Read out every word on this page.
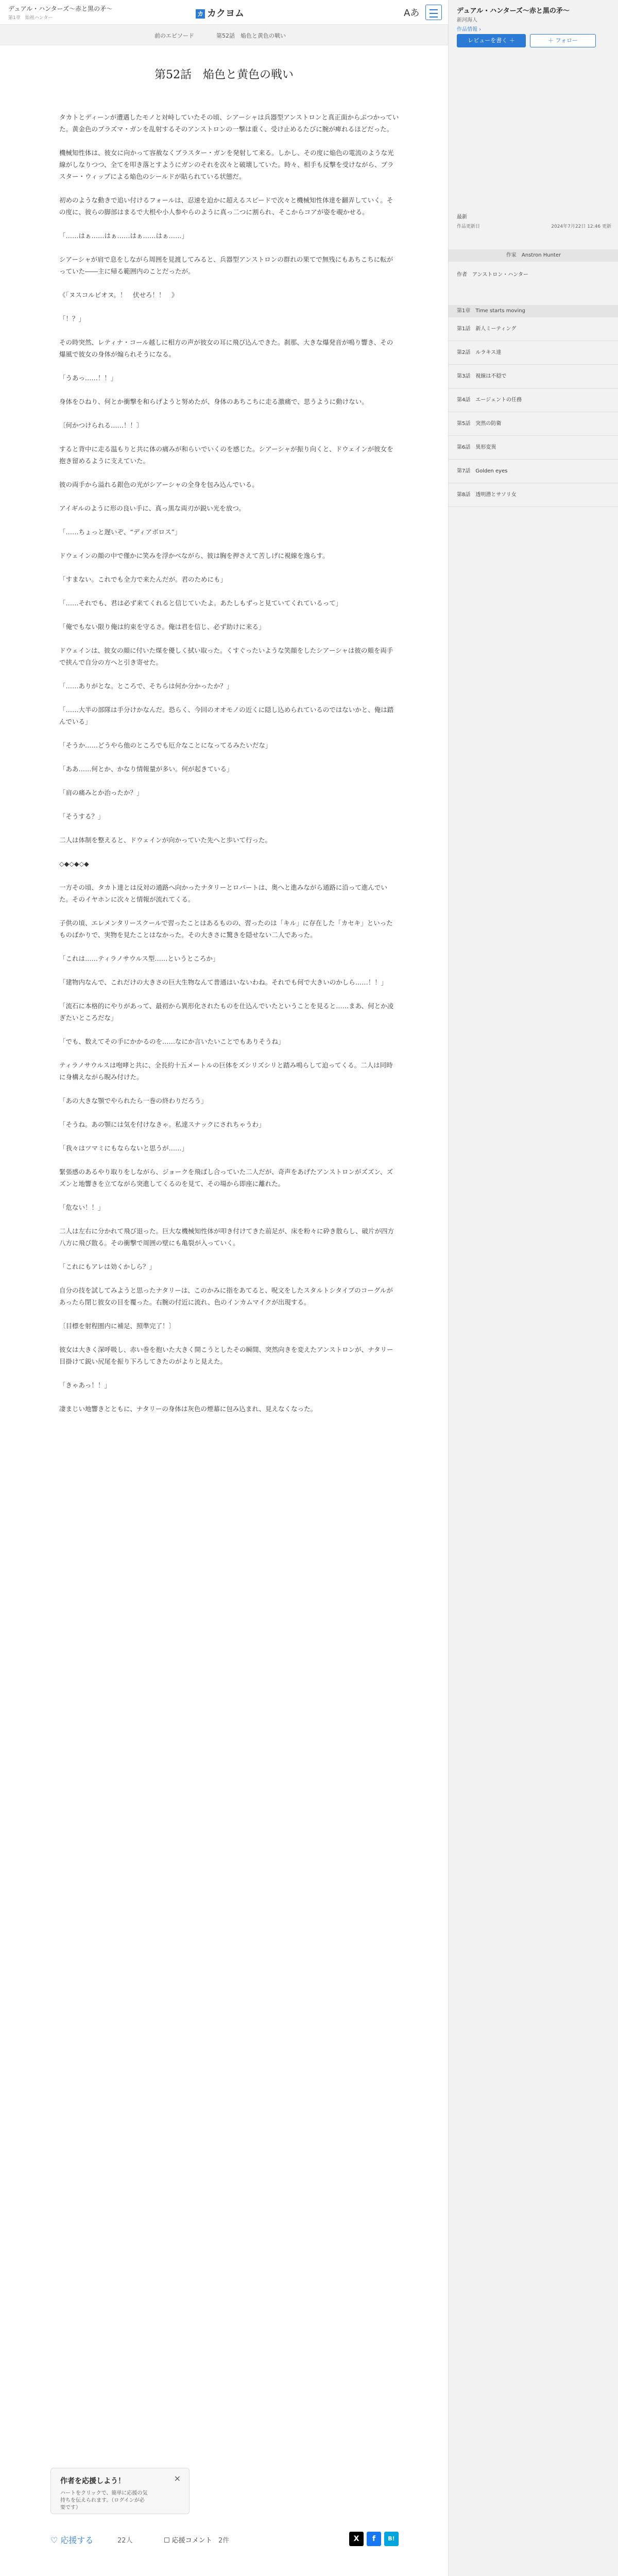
デュアル・ハンターズ〜赤と黒の矛〜
第1章　始祖ハンター
カ カクヨム	Aあ
前のエピソード	第52話　焔色と黄色の戦い
第52話　焔色と黄色の戦い

タカトとディーンが遭遇したモノと対峙していたその頃、シアーシャは兵器型アンストロンと真正面からぶつかっていた。黄金色のプラズマ・ガンを乱射するそのアンストロンの一撃は重く、受け止めるたびに腕が痺れるほどだった。

機械知性体は、彼女に向かって容赦なくブラスター・ガンを発射して来る。しかし、その度に焔色の電流のような光線がしなりつつ、全てを叩き落とすようにガンのそれを次々と破壊していた。時々、相手も反撃を受けながら、プラスター・ウィップによる焔色のシールドが貼られている状態だ。

初めのような動きで追い付けるフォールは、忍速を迫かに超えるスピードで次々と機械知性体達を翻弄していく。その度に、彼らの脚部はまるで大根や小人参やらのように真っ二つに割られ、そこからコアが姿を覗かせる。

「……はぁ……はぁ……はぁ……はぁ……」

シアーシャが肩で息をしながら周囲を見渡してみると、兵器型アンストロンの群れの果てで無残にもあちこちに転がっていた――主に帰る範囲内のことだったが。

《「ヌスコルビオヌ。！　伏せろ！！　》

「！？」

その時突然、レティナ・コール越しに相方の声が彼女の耳に飛び込んできた。刹那、大きな爆発音が鳴り響き、その爆風で彼女の身体が煽られそうになる。

「うあっ……！！」

身体をひねり、何とか衝撃を和らげようと努めたが、身体のあちこちに走る激痛で、思うように動けない。

〔何かつけられる……！！〕

すると背中に走る温もりと共に体の痛みが和らいでいくのを感じた。シアーシャが振り向くと、ドウェインが彼女を抱き留めるように支えていた。

彼の両手から溢れる銀色の光がシアーシャの全身を包み込んでいる。

アイギルのように形の良い手に、真っ黒な両刃が鋭い光を放つ。

「……ちょっと遅いぞ、“ディアボロス”」

ドウェインの顔の中で僅かに笑みを浮かべながら、彼は胸を押さえて苦しげに視線を逸らす。

「すまない。これでも全力で来たんだが。君のためにも」

「……それでも、君は必ず来てくれると信じていたよ。あたしもずっと見ていてくれているって」

「俺でもない限り俺は約束を守るさ。俺は君を信じ、必ず助けに来る」

ドウェインは、彼女の顔に付いた煤を優しく拭い取った。くすぐったいような笑顔をしたシアーシャは彼の頬を両手で挟んで自分の方へと引き寄せた。

「……ありがとな。ところで、そちらは何か分かったか？」

「……大半の部隊は手分けかなんだ。恐らく、今回のオオモノの近くに隠し込められているのではないかと、俺は踏んでいる」

「そうか……どうやら他のところでも厄介なことになってるみたいだな」

「ああ……何とか、かなり情報量が多い。何が起きている」

「肩の痛みとか治ったか？」

「そうする？」

二人は体制を整えると、ドウェインが向かっていた先へと歩いて行った。

◇◆◇◆◇◆

一方その頃、タカト達とは反対の通路へ向かったナタリーとロバートは、奥へと進みながら通路に沿って進んでいた。そのイヤホンに次々と情報が流れてくる。

子供の頃、エレメンタリースクールで習ったことはあるものの、習ったのは「キル」に存在した「カセキ」といったものばかりで、実物を見たことはなかった。その大きさに驚きを隠せない二人であった。

「これは……ティラノサウルス型……というところか」

「建物内なんで、これだけの大きさの巨大生物なんて普通はいないわね。それでも何で大きいのかしら……！！」

「流石に本格的にやりがあって、最初から異形化されたものを仕込んでいたということを見ると……まあ、何とか凌ぎたいところだな」

「でも、数えてその手にかかるのを……なにか言いたいことでもありそうね」

ティラノサウルスは咆哮と共に、全長約十五メートルの巨体をズシリズシリと踏み鳴らして迫ってくる。二人は同時に身構えながら睨み付けた。

「あの大きな顎でやられたら一巻の終わりだろう」

「そうね。あの顎には気を付けなきゃ。私達スナックにされちゃうわ」

「我々はツマミにもならないと思うが……」

緊張感のあるやり取りをしながら、ジョークを飛ばし合っていた二人だが、奇声をあげたアンストロンがズズン、ズズンと地響きを立てながら突進してくるのを見て、その場から即座に離れた。

「危ない！！」

二人は左右に分かれて飛び退った。巨大な機械知性体が叩き付けてきた前足が、床を粉々に砕き散らし、破片が四方八方に飛び散る。その衝撃で周囲の壁にも亀裂が入っていく。

「これにもアレは効くかしら？」

自分の技を試してみようと思ったナタリーは、このかみに指をあてると、呪文をしたスタルトシタイプのコーグルがあったら閉じ彼女の目を覆った。右腕の付近に流れ、色のインカムマイクが出現する。

〔目標を射程圏内に補足、照準完了！〕

彼女は大きく深呼吸し、赤い巻を抱いた大きく開こうとしたその瞬間、突然向きを変えたアンストロンが、ナタリー目掛けて鋭い尻尾を振り下ろしてきたのがよりと見えた。

「きゃあっ！！」

凄まじい地響きとともに、ナタリーの身体は灰色の煙幕に包み込まれ、見えなくなった。

作者を応援しよう！	×
ハートをクリックで、簡単に応援の気持ちを伝えられます。（ログインが必要です）
♡ 応援する	22人	☐ 応援コメント 2件	X	f	B!
デュアル・ハンターズ〜赤と黒の矛〜
新河海人
作品情報 ›
レビューを書く ＋	＋ フォロー
最新
作品更新日	2024年7月22日 12:46 更新
作家　Anstron Hunter
作者　アンストロン・ハンター
第1章　Time starts moving
第1話　新人ミーティング
第2話　ルラキス達
第3話　視線は不穏で
第4話　エージェントの任務
第5話　突然の防衛
第6話　異形変異
第7話　Golden eyes
第8話　透明潜とサソリ女
